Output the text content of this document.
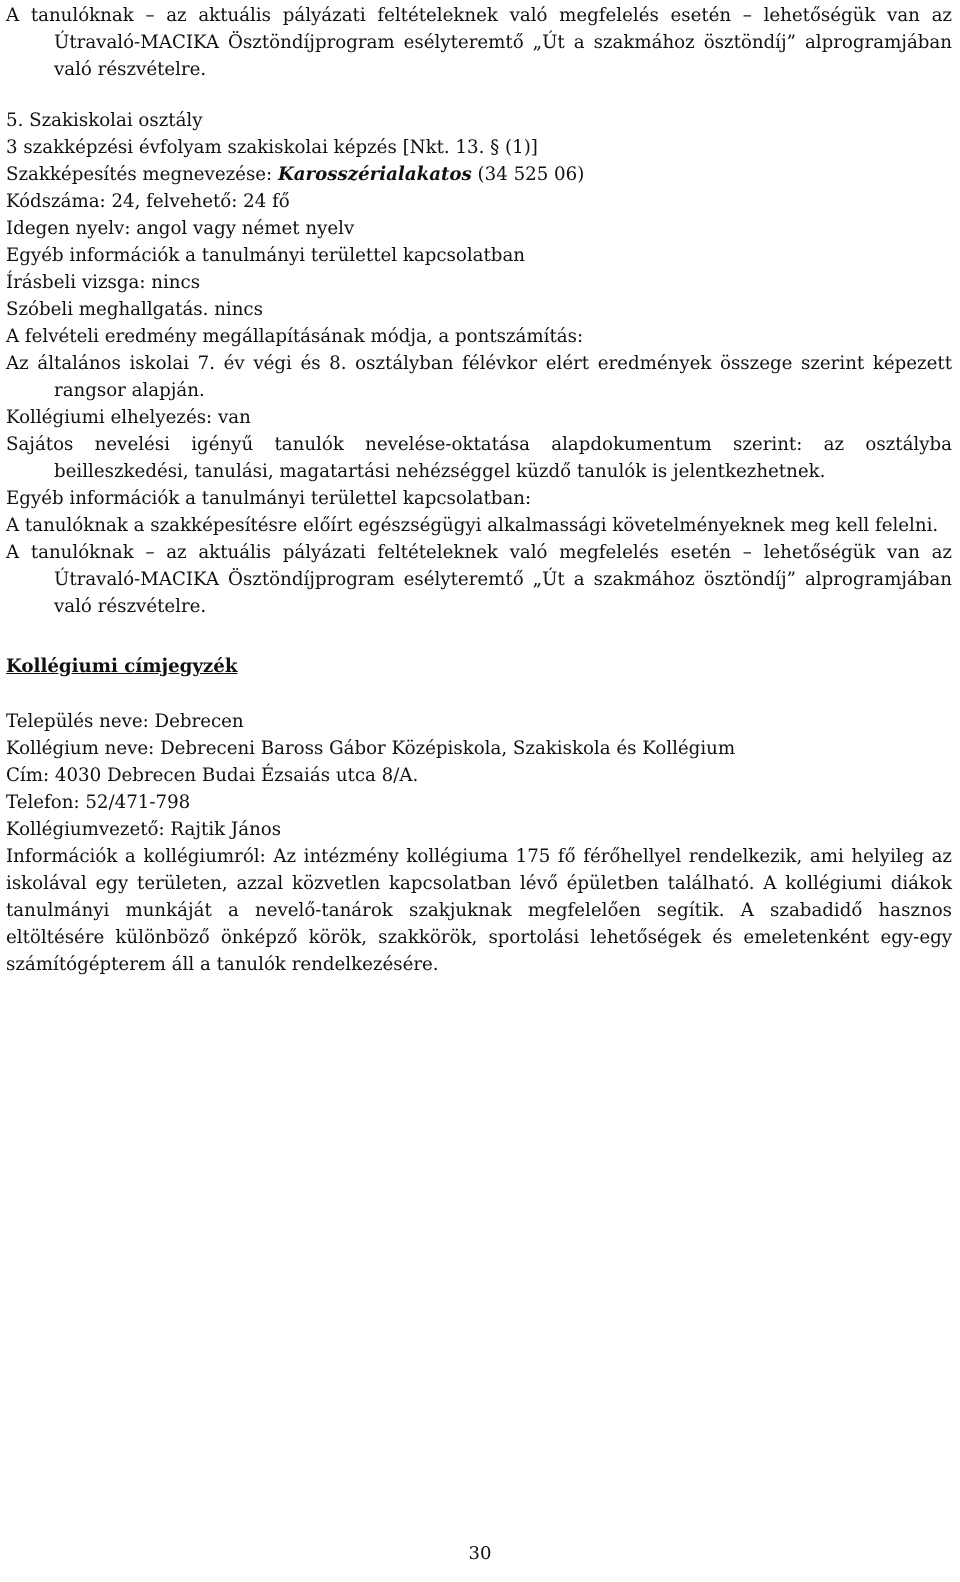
A tanulóknak – az aktuális pályázati feltételeknek való megfelelés esetén – lehetőségük van az Útravaló-MACIKA Ösztöndíjprogram esélyteremtő „Út a szakmához ösztöndíj” alprogramjában való részvételre.

5. Szakiskolai osztály

3 szakképzési évfolyam szakiskolai képzés [Nkt. 13. § (1)]

Szakképesítés megnevezése: Karosszérialakatos (34 525 06)

Kódszáma: 24, felvehető: 24 fő

Idegen nyelv: angol vagy német nyelv

Egyéb információk a tanulmányi területtel kapcsolatban

Írásbeli vizsga: nincs

Szóbeli meghallgatás. nincs

A felvételi eredmény megállapításának módja, a pontszámítás:

Az általános iskolai 7. év végi és 8. osztályban félévkor elért eredmények összege szerint képezett rangsor alapján.

Kollégiumi elhelyezés: van

Sajátos nevelési igényű tanulók nevelése-oktatása alapdokumentum szerint: az osztályba beilleszkedési, tanulási, magatartási nehézséggel küzdő tanulók is jelentkezhetnek.

Egyéb információk a tanulmányi területtel kapcsolatban:

A tanulóknak a szakképesítésre előírt egészségügyi alkalmassági követelményeknek meg kell felelni.

A tanulóknak – az aktuális pályázati feltételeknek való megfelelés esetén – lehetőségük van az Útravaló-MACIKA Ösztöndíjprogram esélyteremtő „Út a szakmához ösztöndíj” alprogramjában való részvételre.

Kollégiumi címjegyzék

Település neve: Debrecen

Kollégium neve: Debreceni Baross Gábor Középiskola, Szakiskola és Kollégium

Cím: 4030 Debrecen Budai Ézsaiás utca 8/A.

Telefon: 52/471-798

Kollégiumvezető: Rajtik János

Információk a kollégiumról: Az intézmény kollégiuma 175 fő férőhellyel rendelkezik, ami helyileg az iskolával egy területen, azzal közvetlen kapcsolatban lévő épületben található. A kollégiumi diákok tanulmányi munkáját a nevelő-tanárok szakjuknak megfelelően segítik. A szabadidő hasznos eltöltésére különböző önképző körök, szakkörök, sportolási lehetőségek és emeletenként egy-egy számítógépterem áll a tanulók rendelkezésére.

30
